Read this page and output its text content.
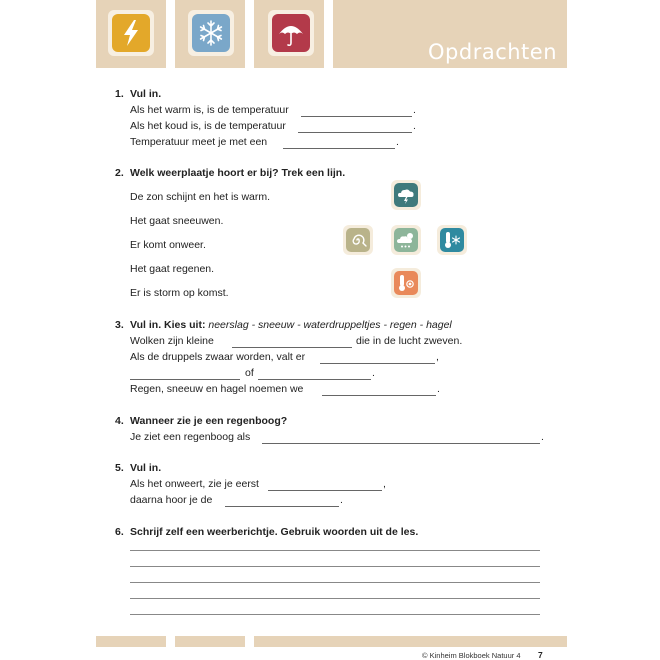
Opdrachten
1. Vul in.
Als het warm is, is de temperatuur	.
Als het koud is, is de temperatuur	.
Temperatuur meet je met een	.
2. Welk weerplaatje hoort er bij? Trek een lijn.
De zon schijnt en het is warm.
Het gaat sneeuwen.
Er komt onweer.
Het gaat regenen.
Er is storm op komst.
3. Vul in. Kies uit: neerslag - sneeuw - waterdruppeltjes - regen - hagel
Wolken zijn kleine	die in de lucht zweven.
Als de druppels zwaar worden, valt er	,
of	.
Regen, sneeuw en hagel noemen we	.
4. Wanneer zie je een regenboog?
Je ziet een regenboog als	.
5. Vul in.
Als het onweert, zie je eerst	,
daarna hoor je de	.
6. Schrijf zelf een weerberichtje. Gebruik woorden uit de les.
© Kinheim Blokboek Natuur 4 7
